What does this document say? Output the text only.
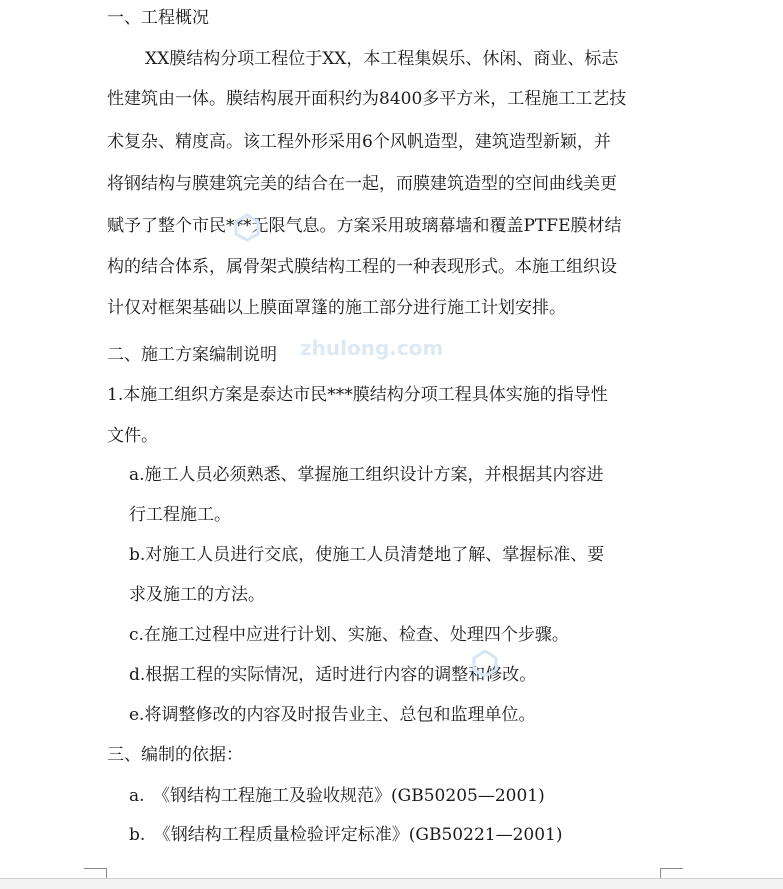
一、工程概况
XX膜结构分项工程位于XX，本工程集娱乐、休闲、商业、标志
性建筑由一体。膜结构展开面积约为8400多平方米，工程施工工艺技
术复杂、精度高。该工程外形采用6个风帆造型，建筑造型新颖，并
将钢结构与膜建筑完美的结合在一起，而膜建筑造型的空间曲线美更
赋予了整个市民***无限气息。方案采用玻璃幕墙和覆盖PTFE膜材结
构的结合体系，属骨架式膜结构工程的一种表现形式。本施工组织设
计仅对框架基础以上膜面罩篷的施工部分进行施工计划安排。
二、施工方案编制说明
1.本施工组织方案是泰达市民***膜结构分项工程具体实施的指导性
文件。
a.施工人员必须熟悉、掌握施工组织设计方案，并根据其内容进
行工程施工。
b.对施工人员进行交底，使施工人员清楚地了解、掌握标准、要
求及施工的方法。
c.在施工过程中应进行计划、实施、检查、处理四个步骤。
d.根据工程的实际情况，适时进行内容的调整和修改。
e.将调整修改的内容及时报告业主、总包和监理单位。
三、编制的依据：
a.　《钢结构工程施工及验收规范》(GB50205—2001)
b.　《钢结构工程质量检验评定标准》(GB50221—2001)
zhulong.com
